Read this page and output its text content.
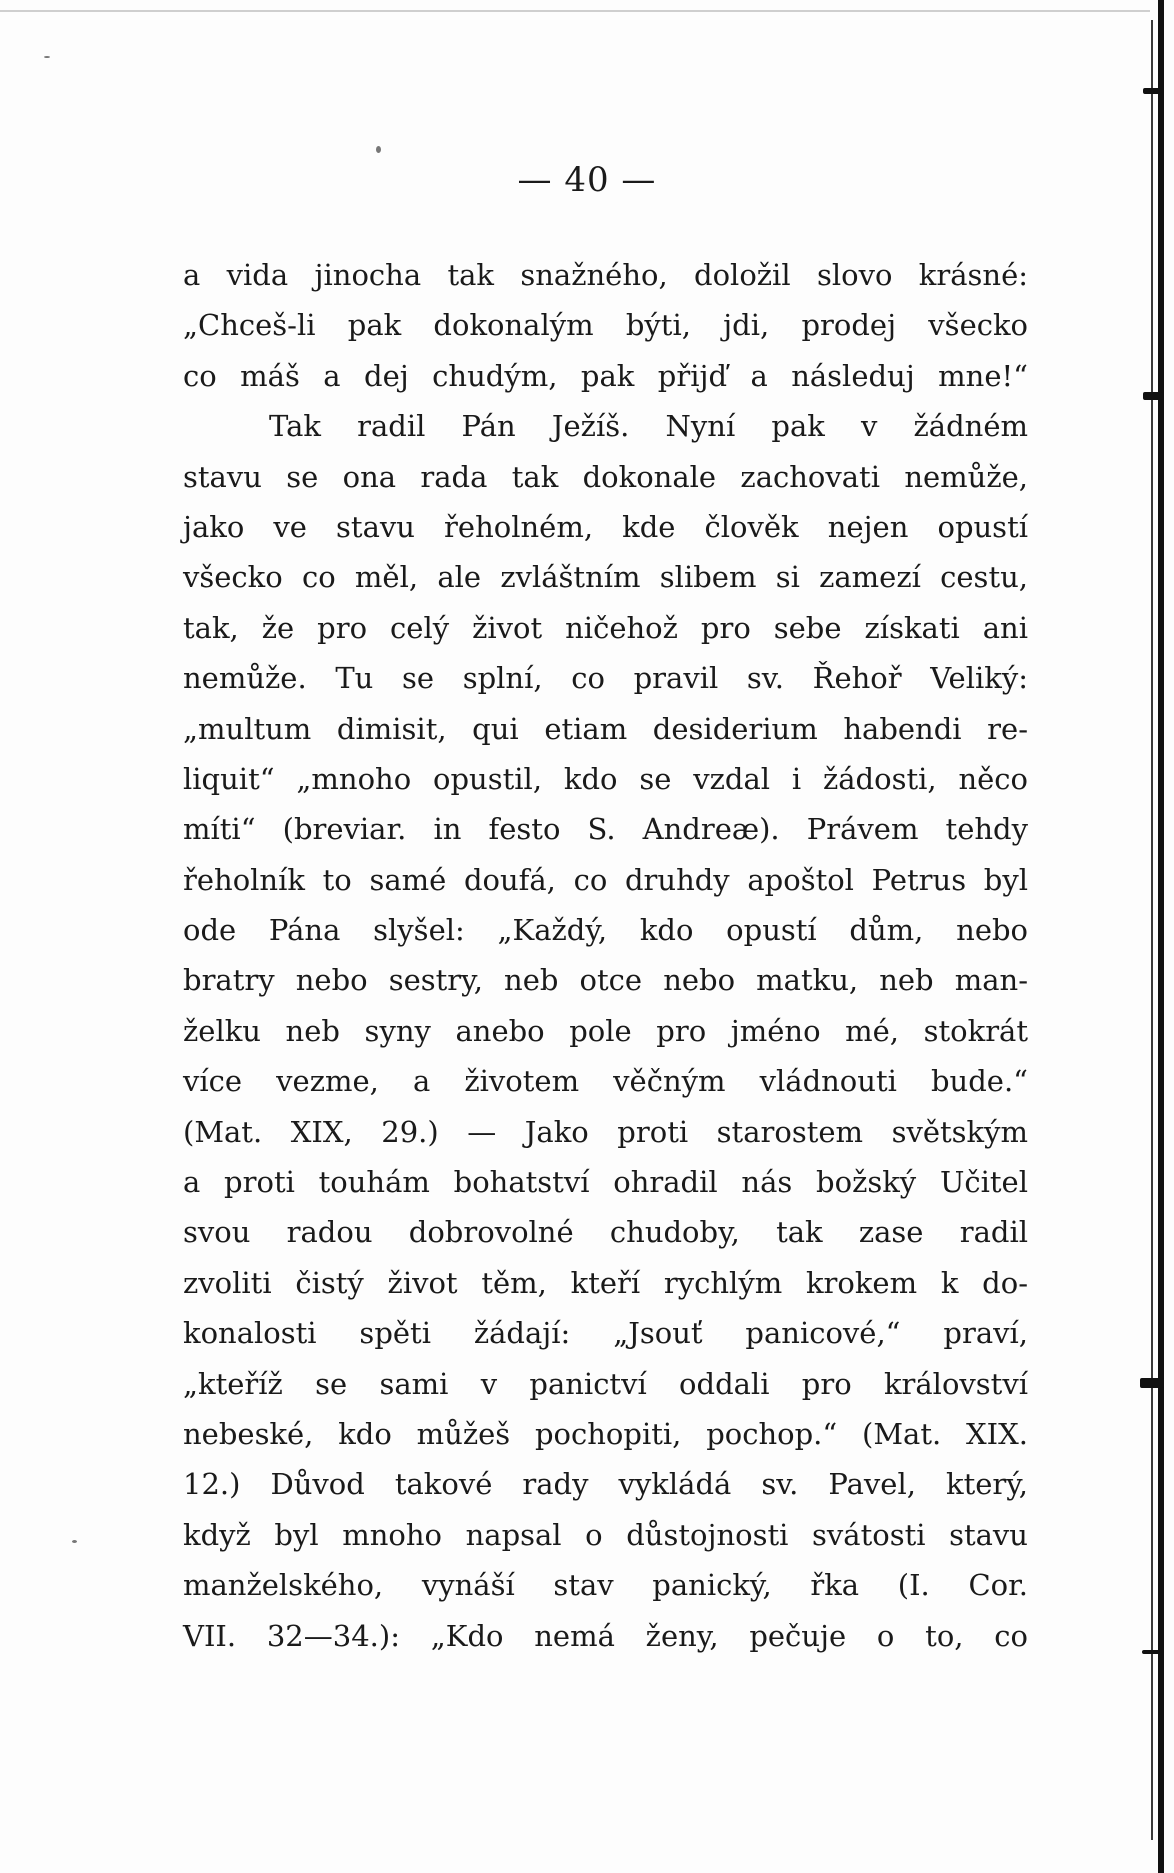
— 40 —
a vida jinocha tak snažného, doložil slovo krásné:
„Chceš-li pak dokonalým býti, jdi, prodej všecko
co máš a dej chudým, pak přijď a následuj mne!“
Tak radil Pán Ježíš. Nyní pak v žádném
stavu se ona rada tak dokonale zachovati nemůže,
jako ve stavu řeholném, kde člověk nejen opustí
všecko co měl, ale zvláštním slibem si zamezí cestu,
tak, že pro celý život ničehož pro sebe získati ani
nemůže. Tu se splní, co pravil sv. Řehoř Veliký:
„multum dimisit, qui etiam desiderium habendi re-
liquit“ „mnoho opustil, kdo se vzdal i žádosti, něco
míti“ (breviar. in festo S. Andreæ). Právem tehdy
řeholník to samé doufá, co druhdy apoštol Petrus byl
ode Pána slyšel: „Každý, kdo opustí dům, nebo
bratry nebo sestry, neb otce nebo matku, neb man-
želku neb syny anebo pole pro jméno mé, stokrát
více vezme, a životem věčným vládnouti bude.“
(Mat. XIX, 29.) — Jako proti starostem světským
a proti touhám bohatství ohradil nás božský Učitel
svou radou dobrovolné chudoby, tak zase radil
zvoliti čistý život těm, kteří rychlým krokem k do-
konalosti spěti žádají: „Jsouť panicové,“ praví,
„kteříž se sami v panictví oddali pro království
nebeské, kdo můžeš pochopiti, pochop.“ (Mat. XIX.
12.) Důvod takové rady vykládá sv. Pavel, který,
když byl mnoho napsal o důstojnosti svátosti stavu
manželského, vynáší stav panický, řka (I. Cor.
VII. 32—34.): „Kdo nemá ženy, pečuje o to, co
